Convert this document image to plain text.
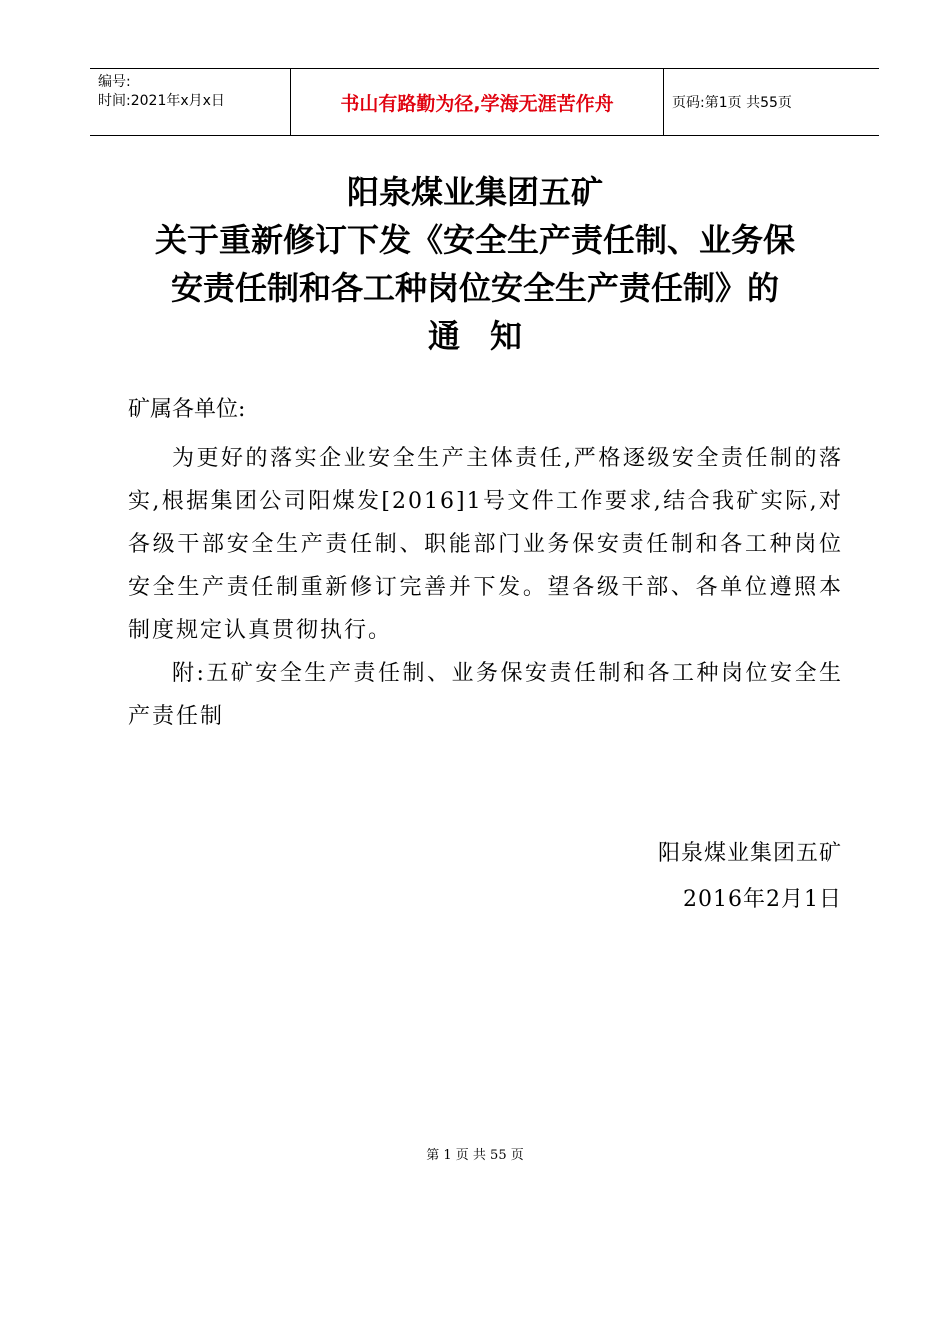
编号:
时间:2021年x月x日	书山有路勤为径,学海无涯苦作舟	页码:第1页 共55页
阳泉煤业集团五矿
关于重新修订下发《安全生产责任制、业务保
安责任制和各工种岗位安全生产责任制》的
通知

矿属各单位:

为更好的落实企业安全生产主体责任,严格逐级安全责任制的落实,根据集团公司阳煤发[2016]1号文件工作要求,结合我矿实际,对各级干部安全生产责任制、职能部门业务保安责任制和各工种岗位安全生产责任制重新修订完善并下发。望各级干部、各单位遵照本制度规定认真贯彻执行。

附:五矿安全生产责任制、业务保安责任制和各工种岗位安全生产责任制

阳泉煤业集团五矿
2016年2月1日
第 1 页 共 55 页
